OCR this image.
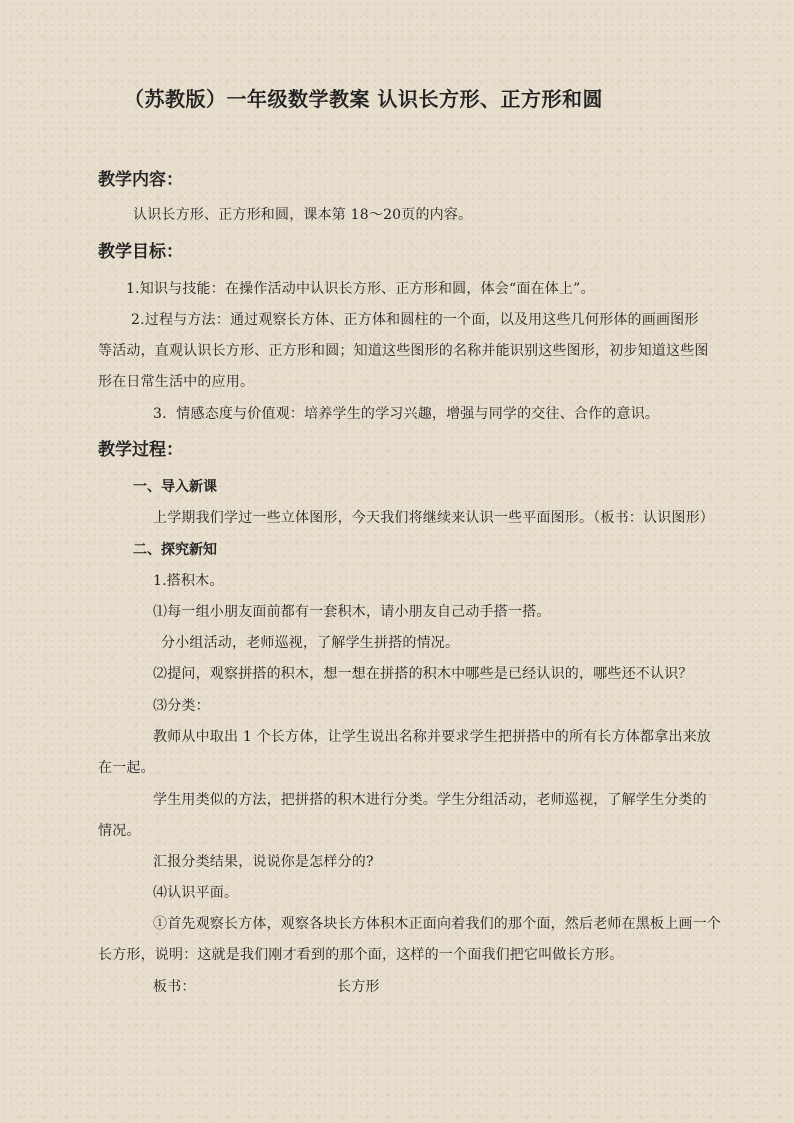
（苏教版）一年级数学教案 认识长方形、正方形和圆
教学内容：
认识长方形、正方形和圆，课本第 18～20页的内容。
教学目标：
1.知识与技能：在操作活动中认识长方形、正方形和圆，体会“面在体上”。
2.过程与方法：通过观察长方体、正方体和圆柱的一个面，以及用这些几何形体的画画图形
等活动，直观认识长方形、正方形和圆；知道这些图形的名称并能识别这些图形，初步知道这些图
形在日常生活中的应用。
3．情感态度与价值观：培养学生的学习兴趣，增强与同学的交往、合作的意识。
教学过程：
一、导入新课
上学期我们学过一些立体图形，今天我们将继续来认识一些平面图形。（板书：认识图形）
二、探究新知
1.搭积木。
⑴每一组小朋友面前都有一套积木，请小朋友自己动手搭一搭。
分小组活动，老师巡视，了解学生拼搭的情况。
⑵提问，观察拼搭的积木，想一想在拼搭的积木中哪些是已经认识的，哪些还不认识？
⑶分类：
教师从中取出 1 个长方体，让学生说出名称并要求学生把拼搭中的所有长方体都拿出来放
在一起。
学生用类似的方法，把拼搭的积木进行分类。学生分组活动，老师巡视，了解学生分类的
情况。
汇报分类结果，说说你是怎样分的?
⑷认识平面。
①首先观察长方体，观察各块长方体积木正面向着我们的那个面，然后老师在黑板上画一个
长方形，说明：这就是我们刚才看到的那个面，这样的一个面我们把它叫做长方形。
板书：	长方形
